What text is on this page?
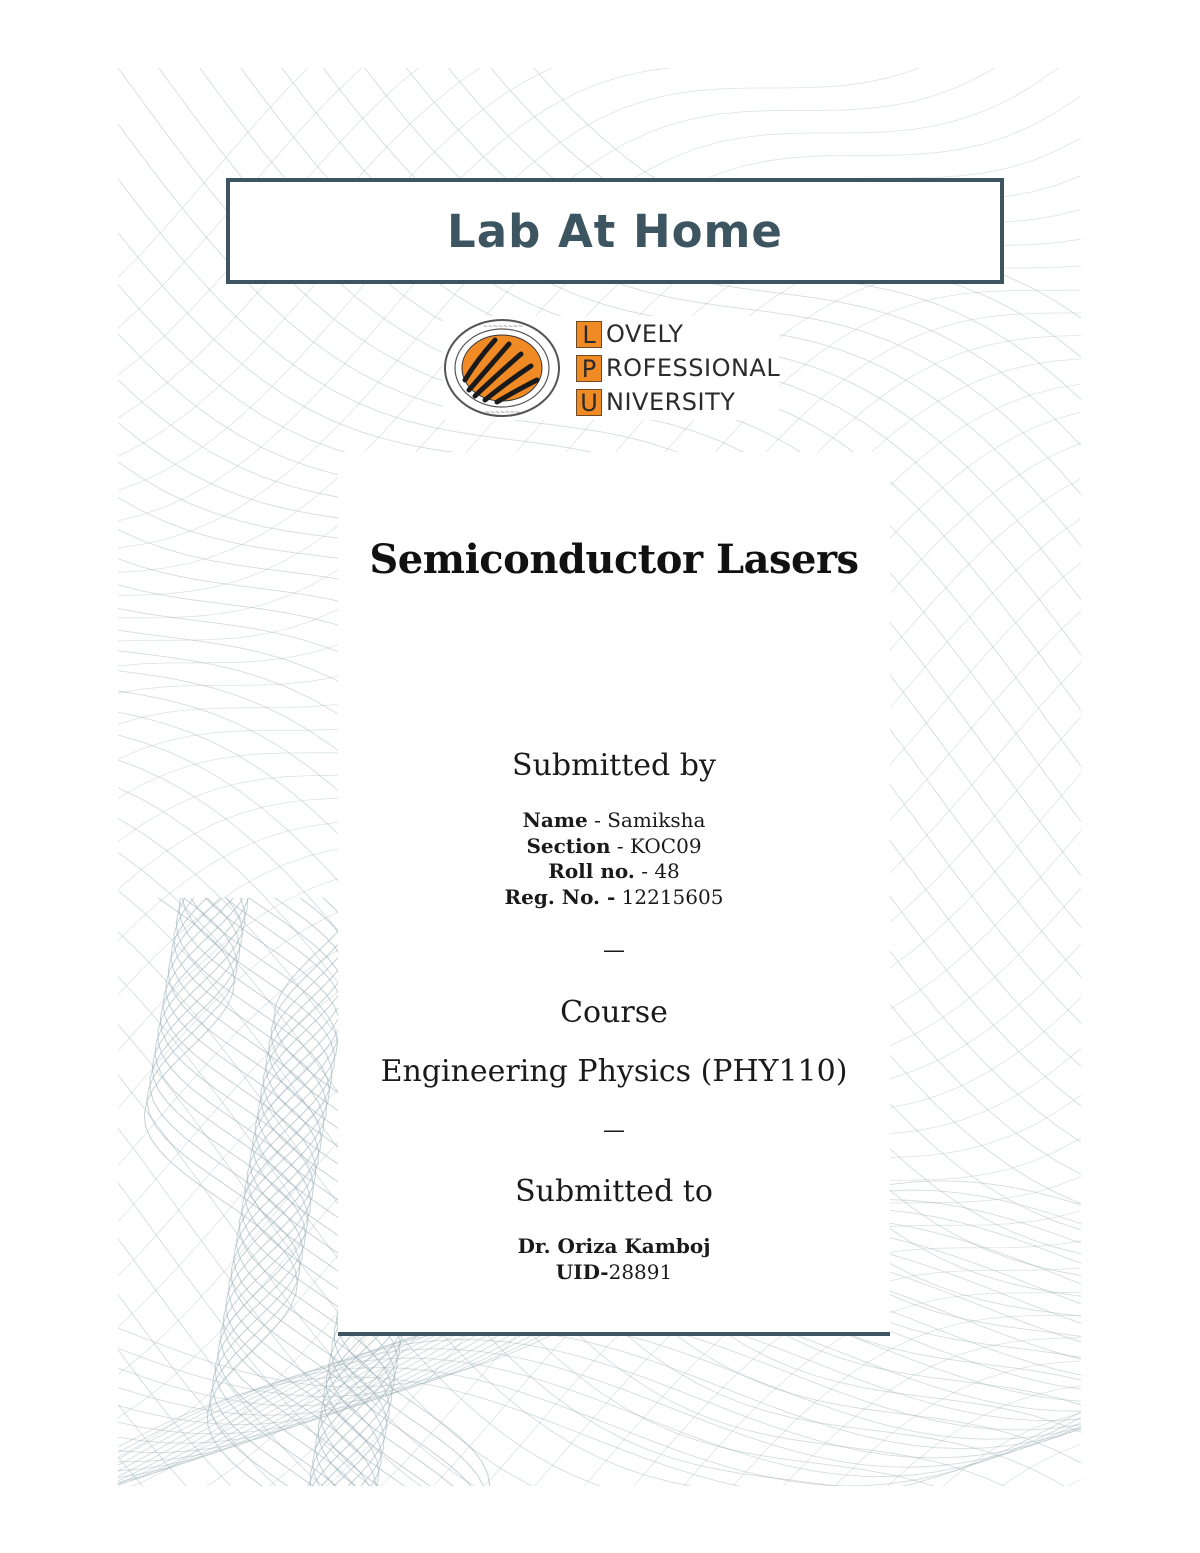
Lab At Home
~~~~~~~~
~~~~~~~
L OVELY
P ROFESSIONAL
U NIVERSITY
Semiconductor Lasers
Submitted by
Name - Samiksha
Section - KOC09
Roll no. - 48
Reg. No. - 12215605
—
Course
Engineering Physics (PHY110)
—
Submitted to
Dr. Oriza Kamboj
UID-28891
